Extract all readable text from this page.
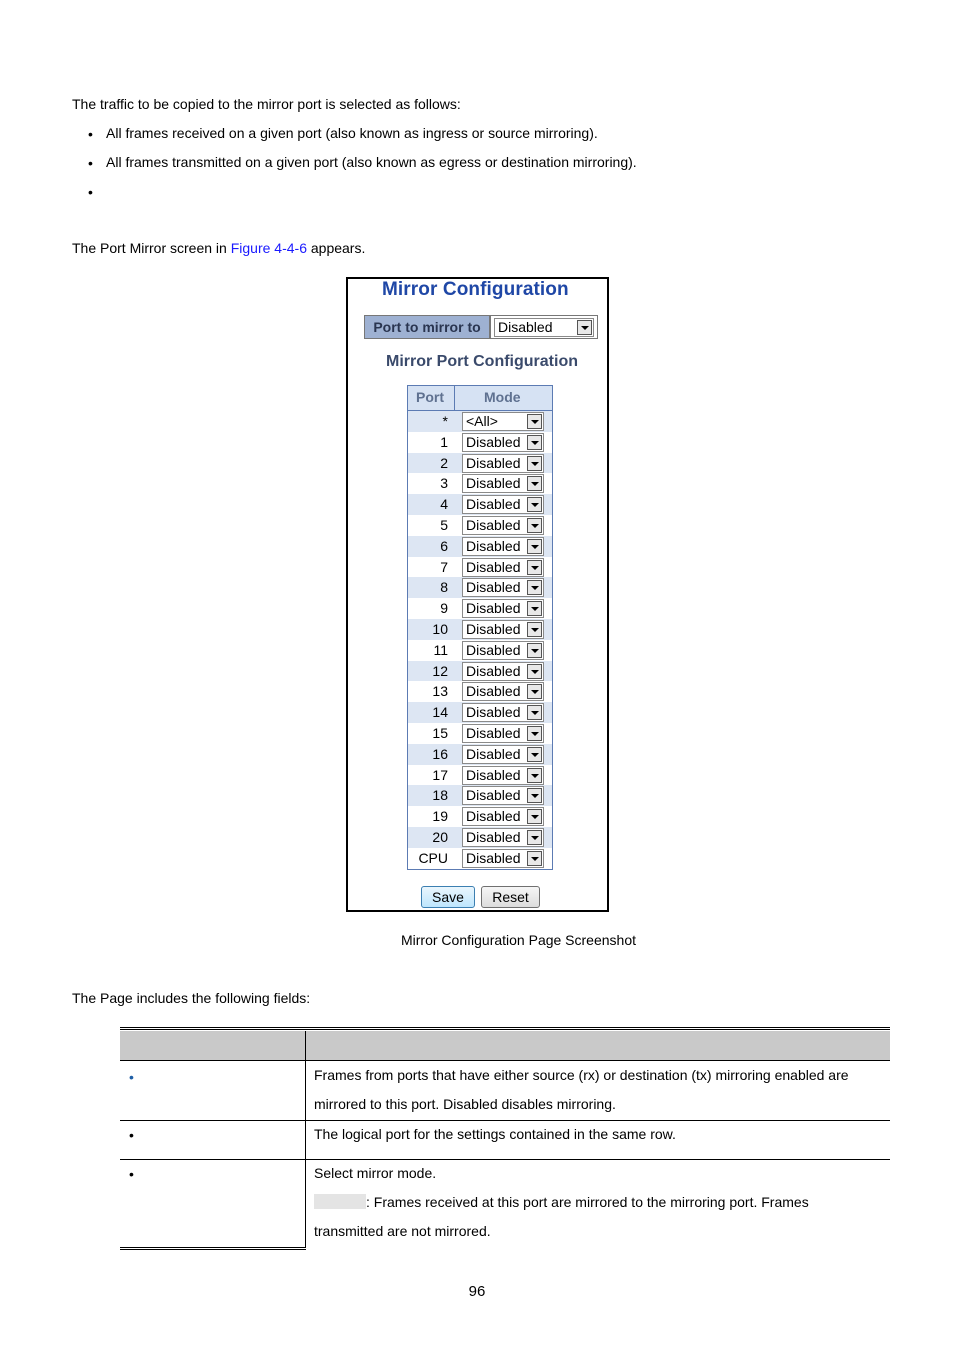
The traffic to be copied to the mirror port is selected as follows:

• All frames received on a given port (also known as ingress or source mirroring).
• All frames transmitted on a given port (also known as egress or destination mirroring).
•

The Port Mirror screen in Figure 4-4-6 appears.

Mirror Configuration
Port to mirror to	Disabled
Mirror Port Configuration
Port	Mode
* <All>
1 Disabled
2 Disabled
3 Disabled
4 Disabled
5 Disabled
6 Disabled
7 Disabled
8 Disabled
9 Disabled
10 Disabled
11 Disabled
12 Disabled
13 Disabled
14 Disabled
15 Disabled
16 Disabled
17 Disabled
18 Disabled
19 Disabled
20 Disabled
CPU Disabled
Save	Reset
Mirror Configuration Page Screenshot

The Page includes the following fields:

•	Frames from ports that have either source (rx) or destination (tx) mirroring enabled are
mirrored to this port. Disabled disables mirroring.
•	The logical port for the settings contained in the same row.
•	Select mirror mode.
: Frames received at this port are mirrored to the mirroring port. Frames
transmitted are not mirrored.
96
